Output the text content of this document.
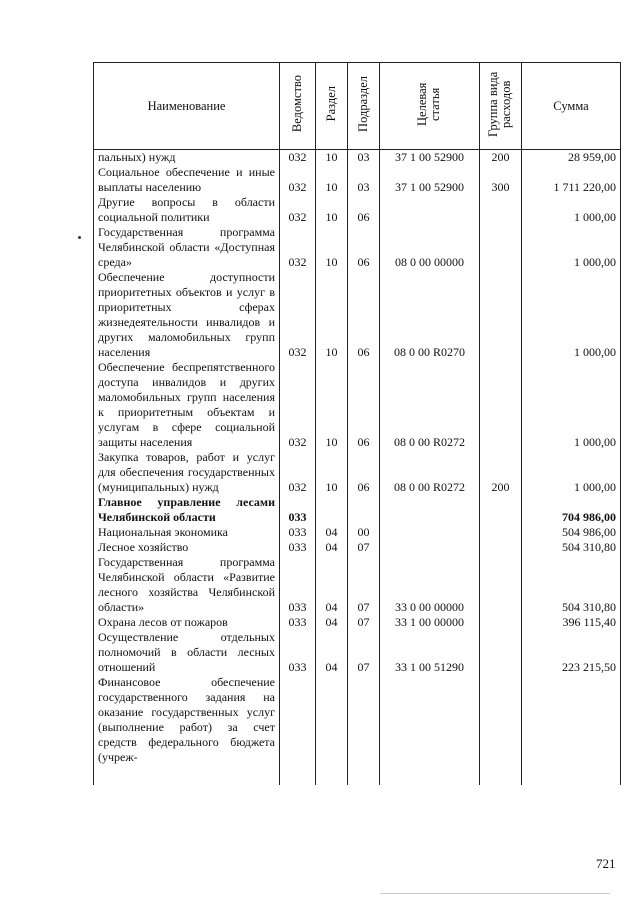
Наименование	Ведомство	Раздел	Подраздел	Целевая статья	Группа вида расходов	Сумма
пальных) нужд	032	10	03	37 1 00 52900	200	28 959,00
Социальное обеспечение и иные выплаты населению	032	10	03	37 1 00 52900	300	1 711 220,00
Другие вопросы в области социальной политики	032	10	06			1 000,00
Государственная программа Челябинской области «Доступная среда»	032	10	06	08 0 00 00000		1 000,00
Обеспечение доступности приоритетных объектов и услуг в приоритетных сферах жизнедеятельности инвалидов и других маломобильных групп населения	032	10	06	08 0 00 R0270		1 000,00
Обеспечение беспрепятственного доступа инвалидов и других маломобильных групп населения к приоритетным объектам и услугам в сфере социальной защиты населения	032	10	06	08 0 00 R0272		1 000,00
Закупка товаров, работ и услуг для обеспечения государственных (муниципальных) нужд	032	10	06	08 0 00 R0272	200	1 000,00
Главное управление лесами Челябинской области	033					704 986,00
Национальная экономика	033	04	00			504 986,00
Лесное хозяйство	033	04	07			504 310,80
Государственная программа Челябинской области «Развитие лесного хозяйства Челябинской области»	033	04	07	33 0 00 00000		504 310,80
Охрана лесов от пожаров	033	04	07	33 1 00 00000		396 115,40
Осуществление отдельных полномочий в области лесных отношений	033	04	07	33 1 00 51290		223 215,50
Финансовое обеспечение государственного задания на оказание государственных услуг (выполнение работ) за счет средств федерального бюджета (учреж-						
721
